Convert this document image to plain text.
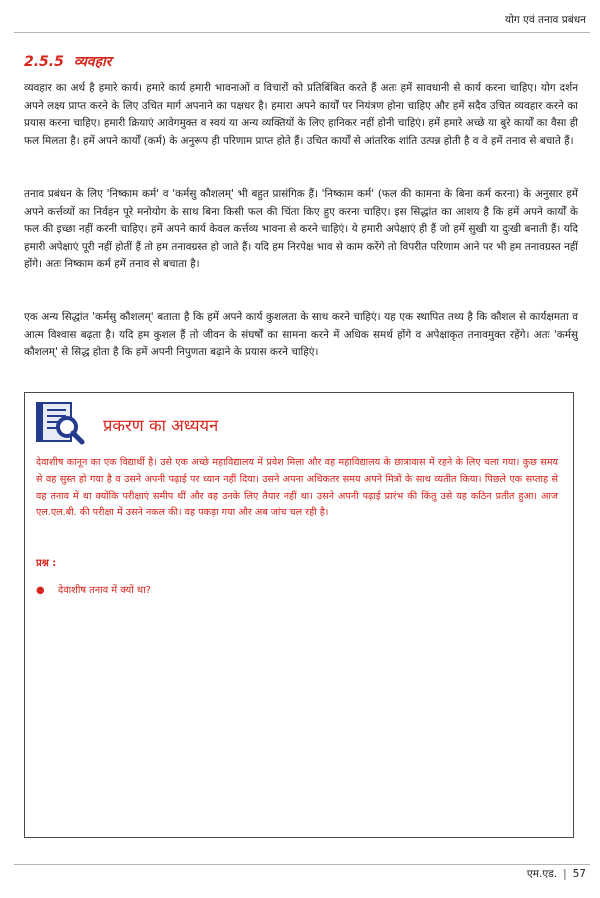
योग एवं तनाव प्रबंधन
2.5.5 व्यवहार

व्यवहार का अर्थ है हमारे कार्य। हमारे कार्य हमारी भावनाओं व विचारों को प्रतिबिंबित करते हैं अतः हमें सावधानी से कार्य करना चाहिए। योग दर्शन अपने लक्ष्य प्राप्त करने के लिए उचित मार्ग अपनाने का पक्षधर है। हमारा अपने कार्यों पर नियंत्रण होना चाहिए और हमें सदैव उचित व्यवहार करने का प्रयास करना चाहिए। हमारी क्रियाएं आवेगमुक्त व स्वयं या अन्य व्यक्तियों के लिए हानिकर नहीं होनी चाहिएं। हमें हमारे अच्छे या बुरे कार्यों का वैसा ही फल मिलता है। हमें अपने कार्यों (कर्म) के अनुरूप ही परिणाम प्राप्त होते हैं। उचित कार्यों से आंतरिक शांति उत्पन्न होती है व वे हमें तनाव से बचाते हैं।

तनाव प्रबंधन के लिए 'निष्काम कर्म' व 'कर्मसु कौशलम्' भी बहुत प्रासंगिक हैं। 'निष्काम कर्म' (फल की कामना के बिना कर्म करना) के अनुसार हमें अपने कर्त्तव्यों का निर्वहन पूरे मनोयोग के साथ बिना किसी फल की चिंता किए हुए करना चाहिए। इस सिद्धांत का आशय है कि हमें अपने कार्यों के फल की इच्छा नहीं करनी चाहिए। हमें अपने कार्य केवल कर्त्तव्य भावना से करने चाहिएं। ये हमारी अपेक्षाएं ही हैं जो हमें सुखी या दुःखी बनाती हैं। यदि हमारी अपेक्षाएं पूरी नहीं होतीं हैं तो हम तनावग्रस्त हो जाते हैं। यदि हम निरपेक्ष भाव से काम करेंगे तो विपरीत परिणाम आने पर भी हम तनावग्रस्त नहीं होंगे। अतः निष्काम कर्म हमें तनाव से बचाता है।

एक अन्य सिद्धांत 'कर्मसु कौशलम्' बताता है कि हमें अपने कार्य कुशलता के साथ करने चाहिएं। यह एक स्थापित तथ्य है कि कौशल से कार्यक्षमता व आत्म विश्वास बढ़ता है। यदि हम कुशल हैं तो जीवन के संघर्षों का सामना करने में अधिक समर्थ होंगे व अपेक्षाकृत तनावमुक्त रहेंगे। अतः 'कर्मसु कौशलम्' से सिद्ध होता है कि हमें अपनी निपुणता बढ़ाने के प्रयास करने चाहिएं।

प्रकरण का अध्ययन

देवाशीष कानून का एक विद्यार्थी है। उसे एक अच्छे महाविद्यालय में प्रवेश मिला और वह महाविद्यालय के छात्रावास में रहने के लिए चला गया। कुछ समय से वह सुस्त हो गया है व उसने अपनी पढ़ाई पर ध्यान नहीं दिया। उसने अपना अधिकतर समय अपने मित्रों के साथ व्यतीत किया। पिछले एक सप्ताह से वह तनाव में था क्योंकि परीक्षाएं समीप थीं और वह उनके लिए तैयार नहीं था। उसने अपनी पढ़ाई प्रारंभ की किंतु उसे यह कठिन प्रतीत हुआ। आज एल.एल.बी. की परीक्षा में उसने नकल की। वह पकड़ा गया और अब जांच चल रही है।

प्रश्न :
● देवाशीष तनाव में क्यों था?
एम.एड. | 57
